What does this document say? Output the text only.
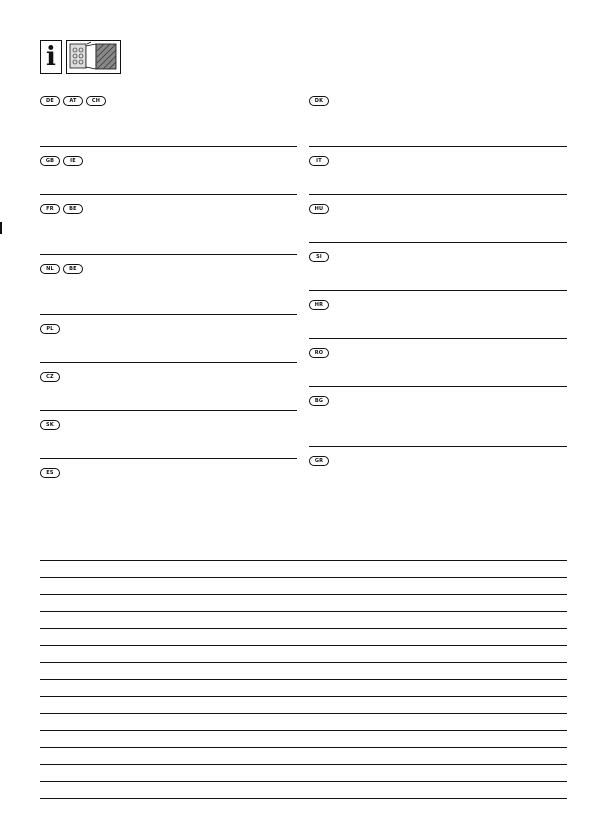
i
DE	AT	CH
GB	IE
FR	BE
NL	BE
PL
CZ
SK
ES
DK
IT
HU
SI
HR
RO
BG
GR
